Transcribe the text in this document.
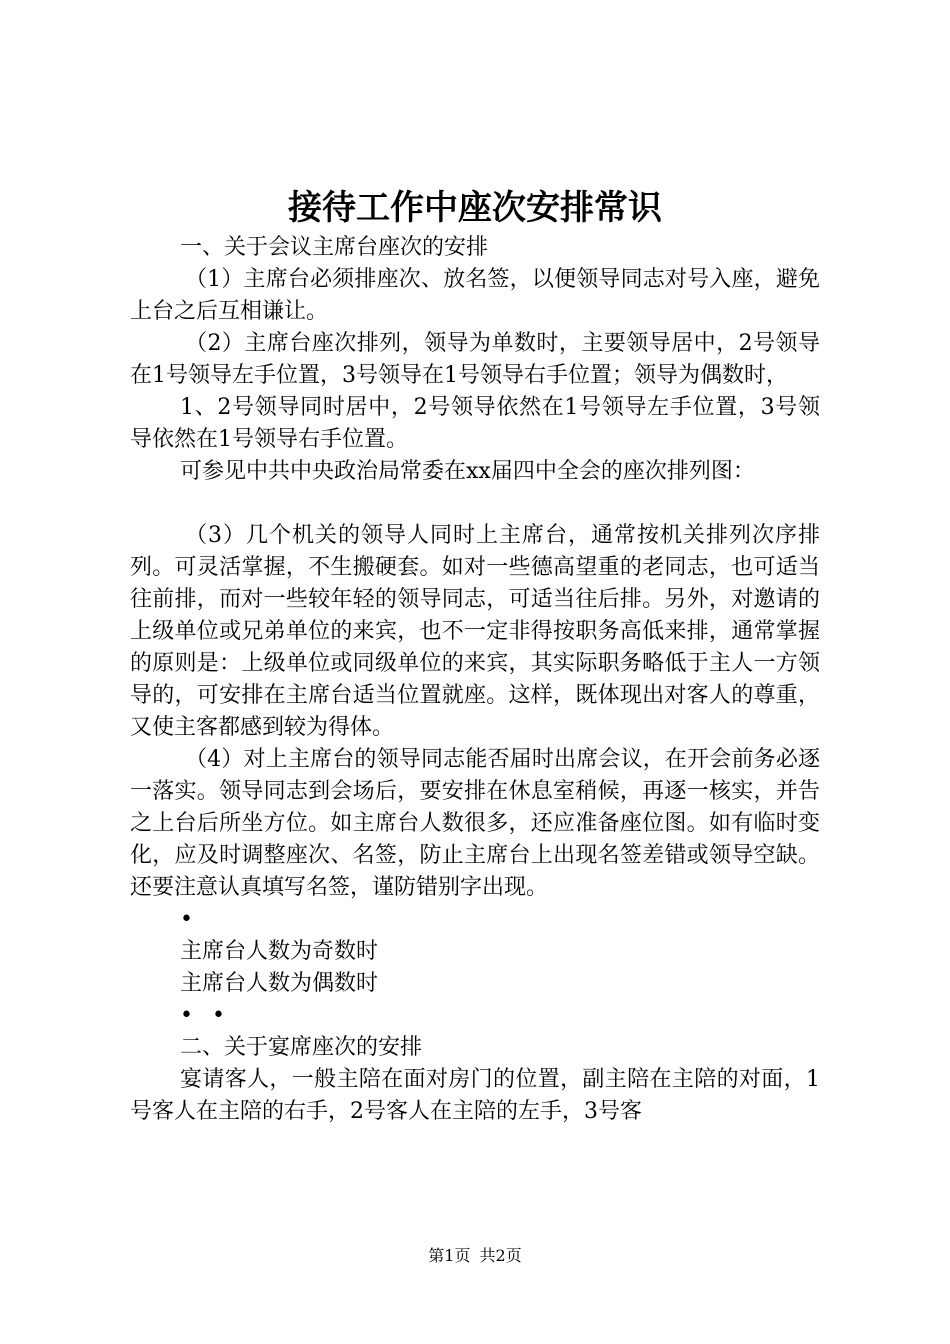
接待工作中座次安排常识

一、关于会议主席台座次的安排

（1）主席台必须排座次、放名签，以便领导同志对号入座，避免上台之后互相谦让。

（2）主席台座次排列，领导为单数时，主要领导居中，2号领导在1号领导左手位置，3号领导在1号领导右手位置；领导为偶数时，

1、2号领导同时居中，2号领导依然在1号领导左手位置，3号领导依然在1号领导右手位置。

可参见中共中央政治局常委在xx届四中全会的座次排列图：

（3）几个机关的领导人同时上主席台，通常按机关排列次序排列。可灵活掌握，不生搬硬套。如对一些德高望重的老同志，也可适当往前排，而对一些较年轻的领导同志，可适当往后排。另外，对邀请的上级单位或兄弟单位的来宾，也不一定非得按职务高低来排，通常掌握的原则是：上级单位或同级单位的来宾，其实际职务略低于主人一方领导的，可安排在主席台适当位置就座。这样，既体现出对客人的尊重，又使主客都感到较为得体。

（4）对上主席台的领导同志能否届时出席会议，在开会前务必逐一落实。领导同志到会场后，要安排在休息室稍候，再逐一核实，并告之上台后所坐方位。如主席台人数很多，还应准备座位图。如有临时变化，应及时调整座次、名签，防止主席台上出现名签差错或领导空缺。还要注意认真填写名签，谨防错别字出现。

•

主席台人数为奇数时

主席台人数为偶数时

• •

二、关于宴席座次的安排

宴请客人，一般主陪在面对房门的位置，副主陪在主陪的对面，1号客人在主陪的右手，2号客人在主陪的左手，3号客

第1页 共2页
